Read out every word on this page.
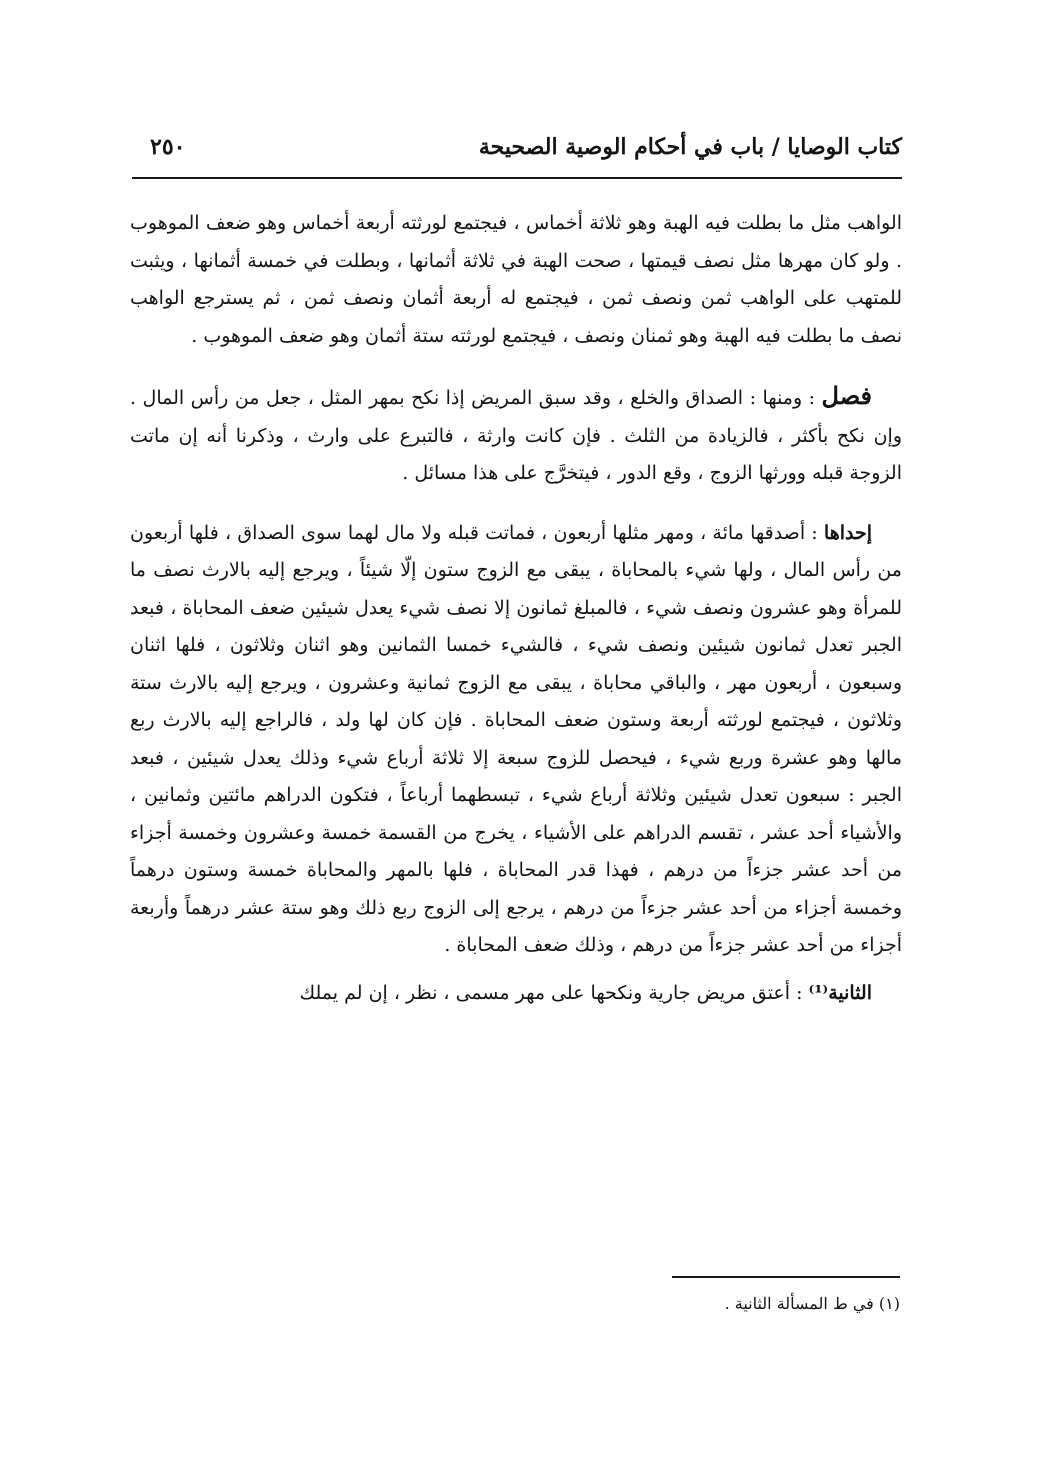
كتاب الوصايا / باب في أحكام الوصية الصحيحة
٢٥٠

الواهب مثل ما بطلت فيه الهبة وهو ثلاثة أخماس ، فيجتمع لورثته أربعة أخماس وهو ضعف الموهوب . ولو كان مهرها مثل نصف قيمتها ، صحت الهبة في ثلاثة أثمانها ، وبطلت في خمسة أثمانها ، ويثبت للمتهب على الواهب ثمن ونصف ثمن ، فيجتمع له أربعة أثمان ونصف ثمن ، ثم يسترجع الواهب نصف ما بطلت فيه الهبة وهو ثمنان ونصف ، فيجتمع لورثته ستة أثمان وهو ضعف الموهوب .

فصل : ومنها : الصداق والخلع ، وقد سبق المريض إذا نكح بمهر المثل ، جعل من رأس المال . وإن نكح بأكثر ، فالزيادة من الثلث . فإن كانت وارثة ، فالتبرع على وارث ، وذكرنا أنه إن ماتت الزوجة قبله وورثها الزوج ، وقع الدور ، فيتخرَّج على هذا مسائل .

إحداها : أصدقها مائة ، ومهر مثلها أربعون ، فماتت قبله ولا مال لهما سوى الصداق ، فلها أربعون من رأس المال ، ولها شيء بالمحاباة ، يبقى مع الزوج ستون إلّا شيئاً ، ويرجع إليه بالارث نصف ما للمرأة وهو عشرون ونصف شيء ، فالمبلغ ثمانون إلا نصف شيء يعدل شيئين ضعف المحاباة ، فبعد الجبر تعدل ثمانون شيئين ونصف شيء ، فالشيء خمسا الثمانين وهو اثنان وثلاثون ، فلها اثنان وسبعون ، أربعون مهر ، والباقي محاباة ، يبقى مع الزوج ثمانية وعشرون ، ويرجع إليه بالارث ستة وثلاثون ، فيجتمع لورثته أربعة وستون ضعف المحاباة . فإن كان لها ولد ، فالراجع إليه بالارث ربع مالها وهو عشرة وربع شيء ، فيحصل للزوج سبعة إلا ثلاثة أرباع شيء وذلك يعدل شيئين ، فبعد الجبر : سبعون تعدل شيئين وثلاثة أرباع شيء ، تبسطهما أرباعاً ، فتكون الدراهم مائتين وثمانين ، والأشياء أحد عشر ، تقسم الدراهم على الأشياء ، يخرج من القسمة خمسة وعشرون وخمسة أجزاء من أحد عشر جزءاً من درهم ، فهذا قدر المحاباة ، فلها بالمهر والمحاباة خمسة وستون درهماً وخمسة أجزاء من أحد عشر جزءاً من درهم ، يرجع إلى الزوج ربع ذلك وهو ستة عشر درهماً وأربعة أجزاء من أحد عشر جزءاً من درهم ، وذلك ضعف المحاباة .

الثانية⁽¹⁾ : أعتق مريض جارية ونكحها على مهر مسمى ، نظر ، إن لم يملك

(١) في ط المسألة الثانية .
